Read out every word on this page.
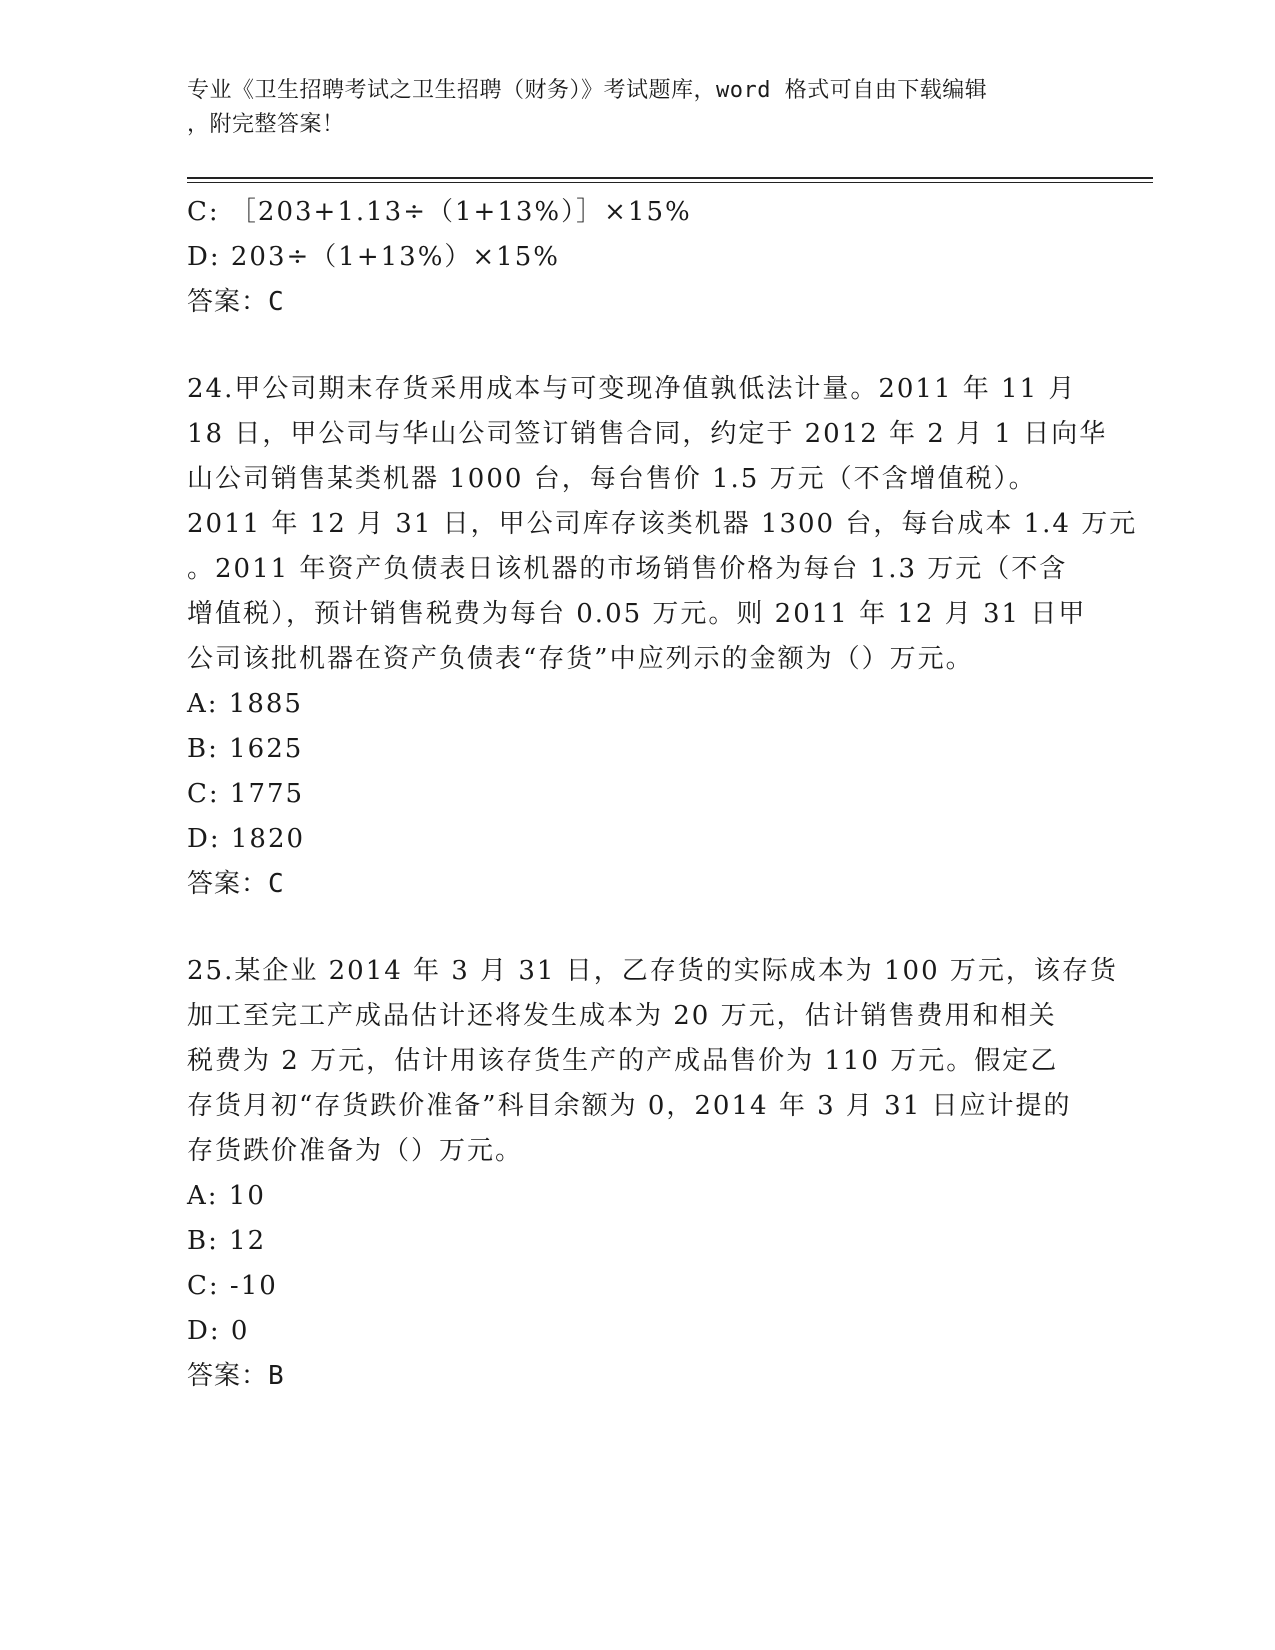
专业《卫生招聘考试之卫生招聘（财务）》考试题库，word 格式可自由下载编辑
，附完整答案！
C: ［203+1.13÷（1+13%）］×15%
D: 203÷（1+13%）×15%
答案：C
24.甲公司期末存货采用成本与可变现净值孰低法计量。2011 年 11 月
18 日，甲公司与华山公司签订销售合同，约定于 2012 年 2 月 1 日向华
山公司销售某类机器 1000 台，每台售价 1.5 万元（不含增值税）。
2011 年 12 月 31 日，甲公司库存该类机器 1300 台，每台成本 1.4 万元
。2011 年资产负债表日该机器的市场销售价格为每台 1.3 万元（不含
增值税），预计销售税费为每台 0.05 万元。则 2011 年 12 月 31 日甲
公司该批机器在资产负债表“存货”中应列示的金额为（）万元。
A: 1885
B: 1625
C: 1775
D: 1820
答案：C
25.某企业 2014 年 3 月 31 日，乙存货的实际成本为 100 万元，该存货
加工至完工产成品估计还将发生成本为 20 万元，估计销售费用和相关
税费为 2 万元，估计用该存货生产的产成品售价为 110 万元。假定乙
存货月初“存货跌价准备”科目余额为 0，2014 年 3 月 31 日应计提的
存货跌价准备为（）万元。
A: 10
B: 12
C: -10
D: 0
答案：B
